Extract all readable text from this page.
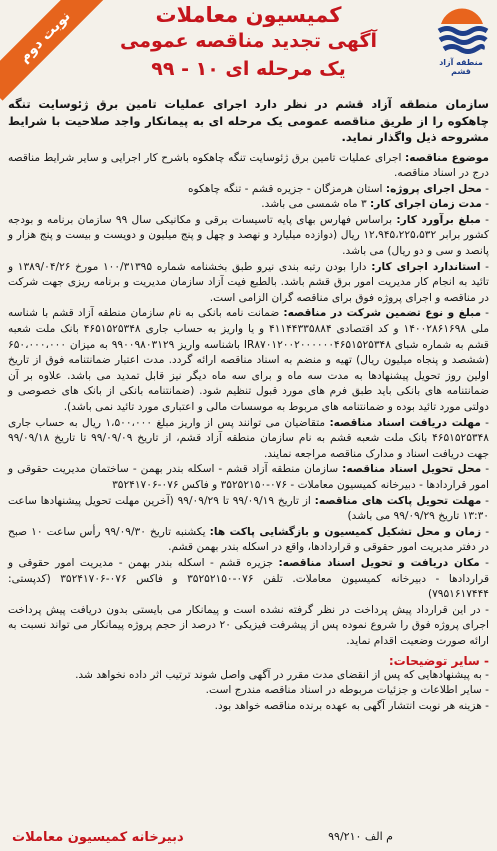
منطقه آزاد قشم
کمیسیون معاملات
آگهی تجدید مناقصه عمومی
یک مرحله ای ۱۰ - ۹۹
نوبت دوم

سازمان منطقه آزاد قشم در نظر دارد اجرای عملیات تامین برق ژئوسایت تنگه چاهکوه را از طریق مناقصه عمومی یک مرحله ای به پیمانکار واجد صلاحیت با شرایط مشروحه ذیل واگذار نماید.

موضوع مناقصه: اجرای عملیات تامین برق ژئوسایت تنگه چاهکوه باشرح کار اجرایی و سایر شرایط مناقصه درج در اسناد مناقصه.

- محل اجرای پروژه: استان هرمزگان - جزیره قشم - تنگه چاهکوه

- مدت زمان اجرای کار: ۳ ماه شمسی می باشد.

- مبلغ برآورد کار: براساس فهارس بهای پایه تاسیسات برقی و مکانیکی سال ۹۹ سازمان برنامه و بودجه کشور برابر ۱۲،۹۴۵،۲۲۵،۵۳۲ ریال (دوازده میلیارد و نهصد و چهل و پنج میلیون و دویست و بیست و پنج هزار و پانصد و سی و دو ریال) می باشد.

- استاندارد اجرای کار: دارا بودن رتبه بندی نیرو طبق بخشنامه شماره ۱۰۰/۳۱۳۹۵ مورخ ۱۳۸۹/۰۴/۲۶ و تائید به انجام کار مدیریت امور برق قشم باشد. بالطبع فیت آزاد سازمان مدیریت و برنامه ریزی جهت شرکت در مناقصه و اجرای پروژه فوق برای مناقصه گران الزامی است.

- مبلغ و نوع تضمین شرکت در مناقصه: ضمانت نامه بانکی به نام سازمان منطقه آزاد قشم با شناسه ملی ۱۴۰۰۲۸۶۱۶۹۸ و کد اقتصادی ۴۱۱۴۴۳۳۵۸۸۴ و یا واریز به حساب جاری ۴۶۵۱۵۲۵۳۴۸ بانک ملت شعبه قشم به شماره شبای IR۸۷۰۱۲۰۰۲۰۰۰۰۰۰۴۶۵۱۵۲۵۳۴۸ باشناسه واریز ۹۹۰۰۹۸۰۳۱۲۹ به میزان ۶۵۰،۰۰۰،۰۰۰ (ششصد و پنجاه میلیون ریال) تهیه و منضم به اسناد مناقصه ارائه گردد. مدت اعتبار ضمانتنامه فوق از تاریخ اولین روز تحویل پیشنهادها به مدت سه ماه و برای سه ماه دیگر نیز قابل تمدید می باشد. علاوه بر آن ضمانتنامه های بانکی باید طبق فرم های مورد قبول تنظیم شود. (ضمانتنامه بانکی از بانک های خصوصی و دولتی مورد تائید بوده و ضمانتنامه های مربوط به موسسات مالی و اعتباری مورد تائید نمی باشد).

- مهلت دریافت اسناد مناقصه: متقاضیان می توانند پس از واریز مبلغ ۱،۵۰۰،۰۰۰ ریال به حساب جاری ۴۶۵۱۵۲۵۳۴۸ بانک ملت شعبه قشم به نام سازمان منطقه آزاد قشم، از تاریخ ۹۹/۰۹/۰۹ تا تاریخ ۹۹/۰۹/۱۸ جهت دریافت اسناد و مدارک مناقصه مراجعه نمایند.

- محل تحویل اسناد مناقصه: سازمان منطقه آزاد قشم - اسکله بندر بهمن - ساختمان مدیریت حقوقی و امور قراردادها - دبیرخانه کمیسیون معاملات - ۰۷۶-۳۵۲۵۲۱۵۰ و فاکس ۰۷۶-۳۵۲۴۱۷۰۶

- مهلت تحویل پاکت های مناقصه: از تاریخ ۹۹/۰۹/۱۹ تا ۹۹/۰۹/۲۹ (آخرین مهلت تحویل پیشنهادها ساعت ۱۳:۳۰ تاریخ ۹۹/۰۹/۲۹ می باشد)

- زمان و محل تشکیل کمیسیون و بازگشایی پاکت ها: یکشنبه تاریخ ۹۹/۰۹/۳۰ رأس ساعت ۱۰ صبح در دفتر مدیریت امور حقوقی و قراردادها، واقع در اسکله بندر بهمن قشم.

- مکان دریافت و تحویل اسناد مناقصه: جزیره قشم - اسکله بندر بهمن - مدیریت امور حقوقی و قراردادها - دبیرخانه کمیسیون معاملات. تلفن ۰۷۶-۳۵۲۵۲۱۵۰ و فاکس ۰۷۶-۳۵۲۴۱۷۰۶ (کدپستی: ۷۹۵۱۶۱۷۴۴۴)

- در این قرارداد پیش پرداخت در نظر گرفته نشده است و پیمانکار می بایستی بدون دریافت پیش پرداخت اجرای پروژه فوق را شروع نموده پس از پیشرفت فیزیکی ۲۰ درصد از حجم پروژه پیمانکار می تواند نسبت به ارائه صورت وضعیت اقدام نماید.

- سایر توضیحات:

- به پیشنهادهایی که پس از انقضای مدت مقرر در آگهی واصل شوند ترتیب اثر داده نخواهد شد.

- سایر اطلاعات و جزئیات مربوطه در اسناد مناقصه مندرج است.

- هزینه هر نوبت انتشار آگهی به عهده برنده مناقصه خواهد بود.

م الف ۹۹/۲۱۰
دبیرخانه کمیسیون معاملات
